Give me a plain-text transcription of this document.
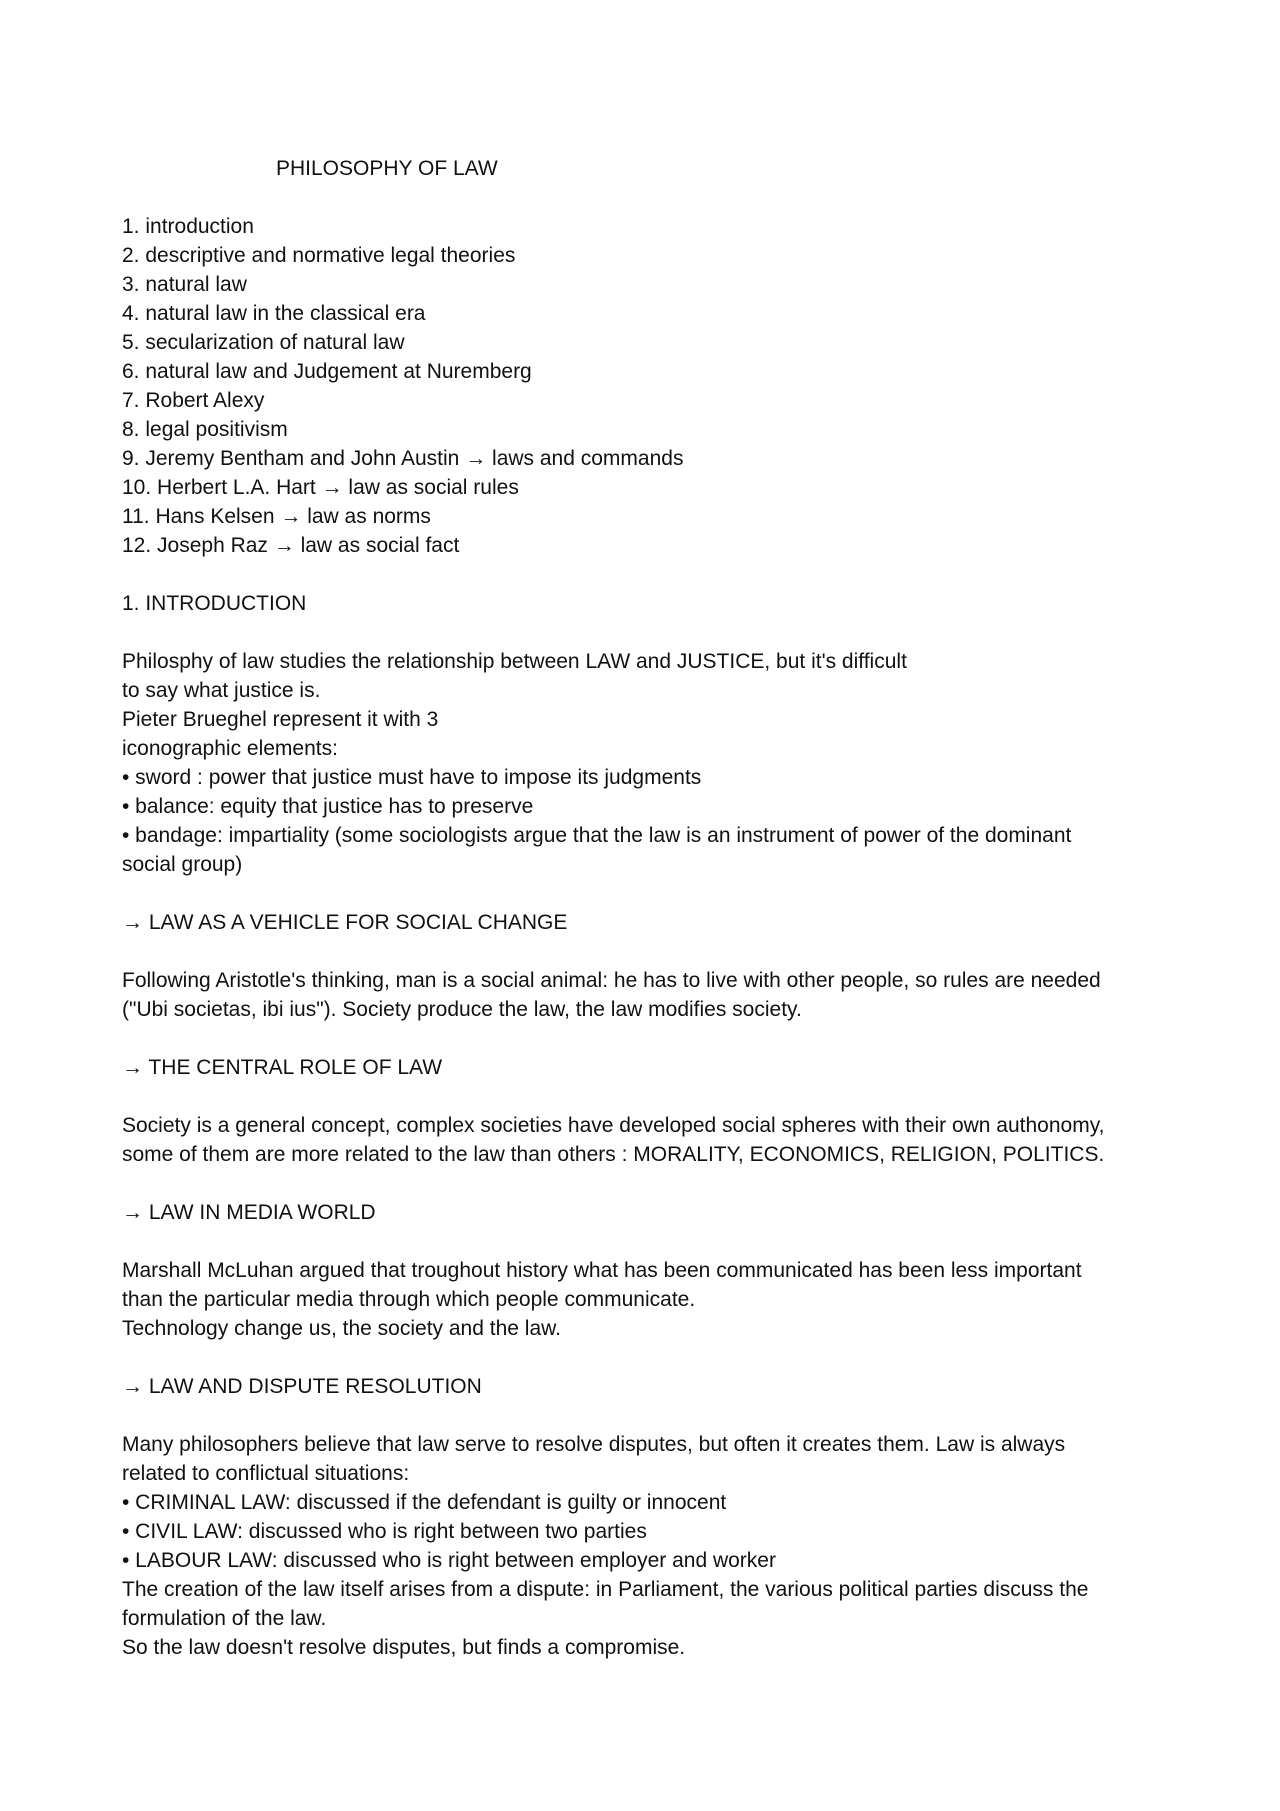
PHILOSOPHY OF LAW
1. introduction
2. descriptive and normative legal theories
3. natural law
4. natural law in the classical era
5. secularization of natural law
6. natural law and Judgement at Nuremberg
7. Robert Alexy
8. legal positivism
9. Jeremy Bentham and John Austin → laws and commands
10. Herbert L.A. Hart → law as social rules
11. Hans Kelsen → law as norms
12. Joseph Raz → law as social fact
1. INTRODUCTION
Philosphy of law studies the relationship between LAW and JUSTICE, but it's difficult
to say what justice is.
Pieter Brueghel represent it with 3
iconographic elements:
• sword : power that justice must have to impose its judgments
• balance: equity that justice has to preserve
• bandage: impartiality (some sociologists argue that the law is an instrument of power of the dominant
social group)
→ LAW AS A VEHICLE FOR SOCIAL CHANGE
Following Aristotle's thinking, man is a social animal: he has to live with other people, so rules are needed
("Ubi societas, ibi ius"). Society produce the law, the law modifies society.
→ THE CENTRAL ROLE OF LAW
Society is a general concept, complex societies have developed social spheres with their own authonomy,
some of them are more related to the law than others : MORALITY, ECONOMICS, RELIGION, POLITICS.
→ LAW IN MEDIA WORLD
Marshall McLuhan argued that troughout history what has been communicated has been less important
than the particular media through which people communicate.
Technology change us, the society and the law.
→ LAW AND DISPUTE RESOLUTION
Many philosophers believe that law serve to resolve disputes, but often it creates them. Law is always
related to conflictual situations:
• CRIMINAL LAW: discussed if the defendant is guilty or innocent
• CIVIL LAW: discussed who is right between two parties
• LABOUR LAW: discussed who is right between employer and worker
The creation of the law itself arises from a dispute: in Parliament, the various political parties discuss the
formulation of the law.
So the law doesn't resolve disputes, but finds a compromise.
